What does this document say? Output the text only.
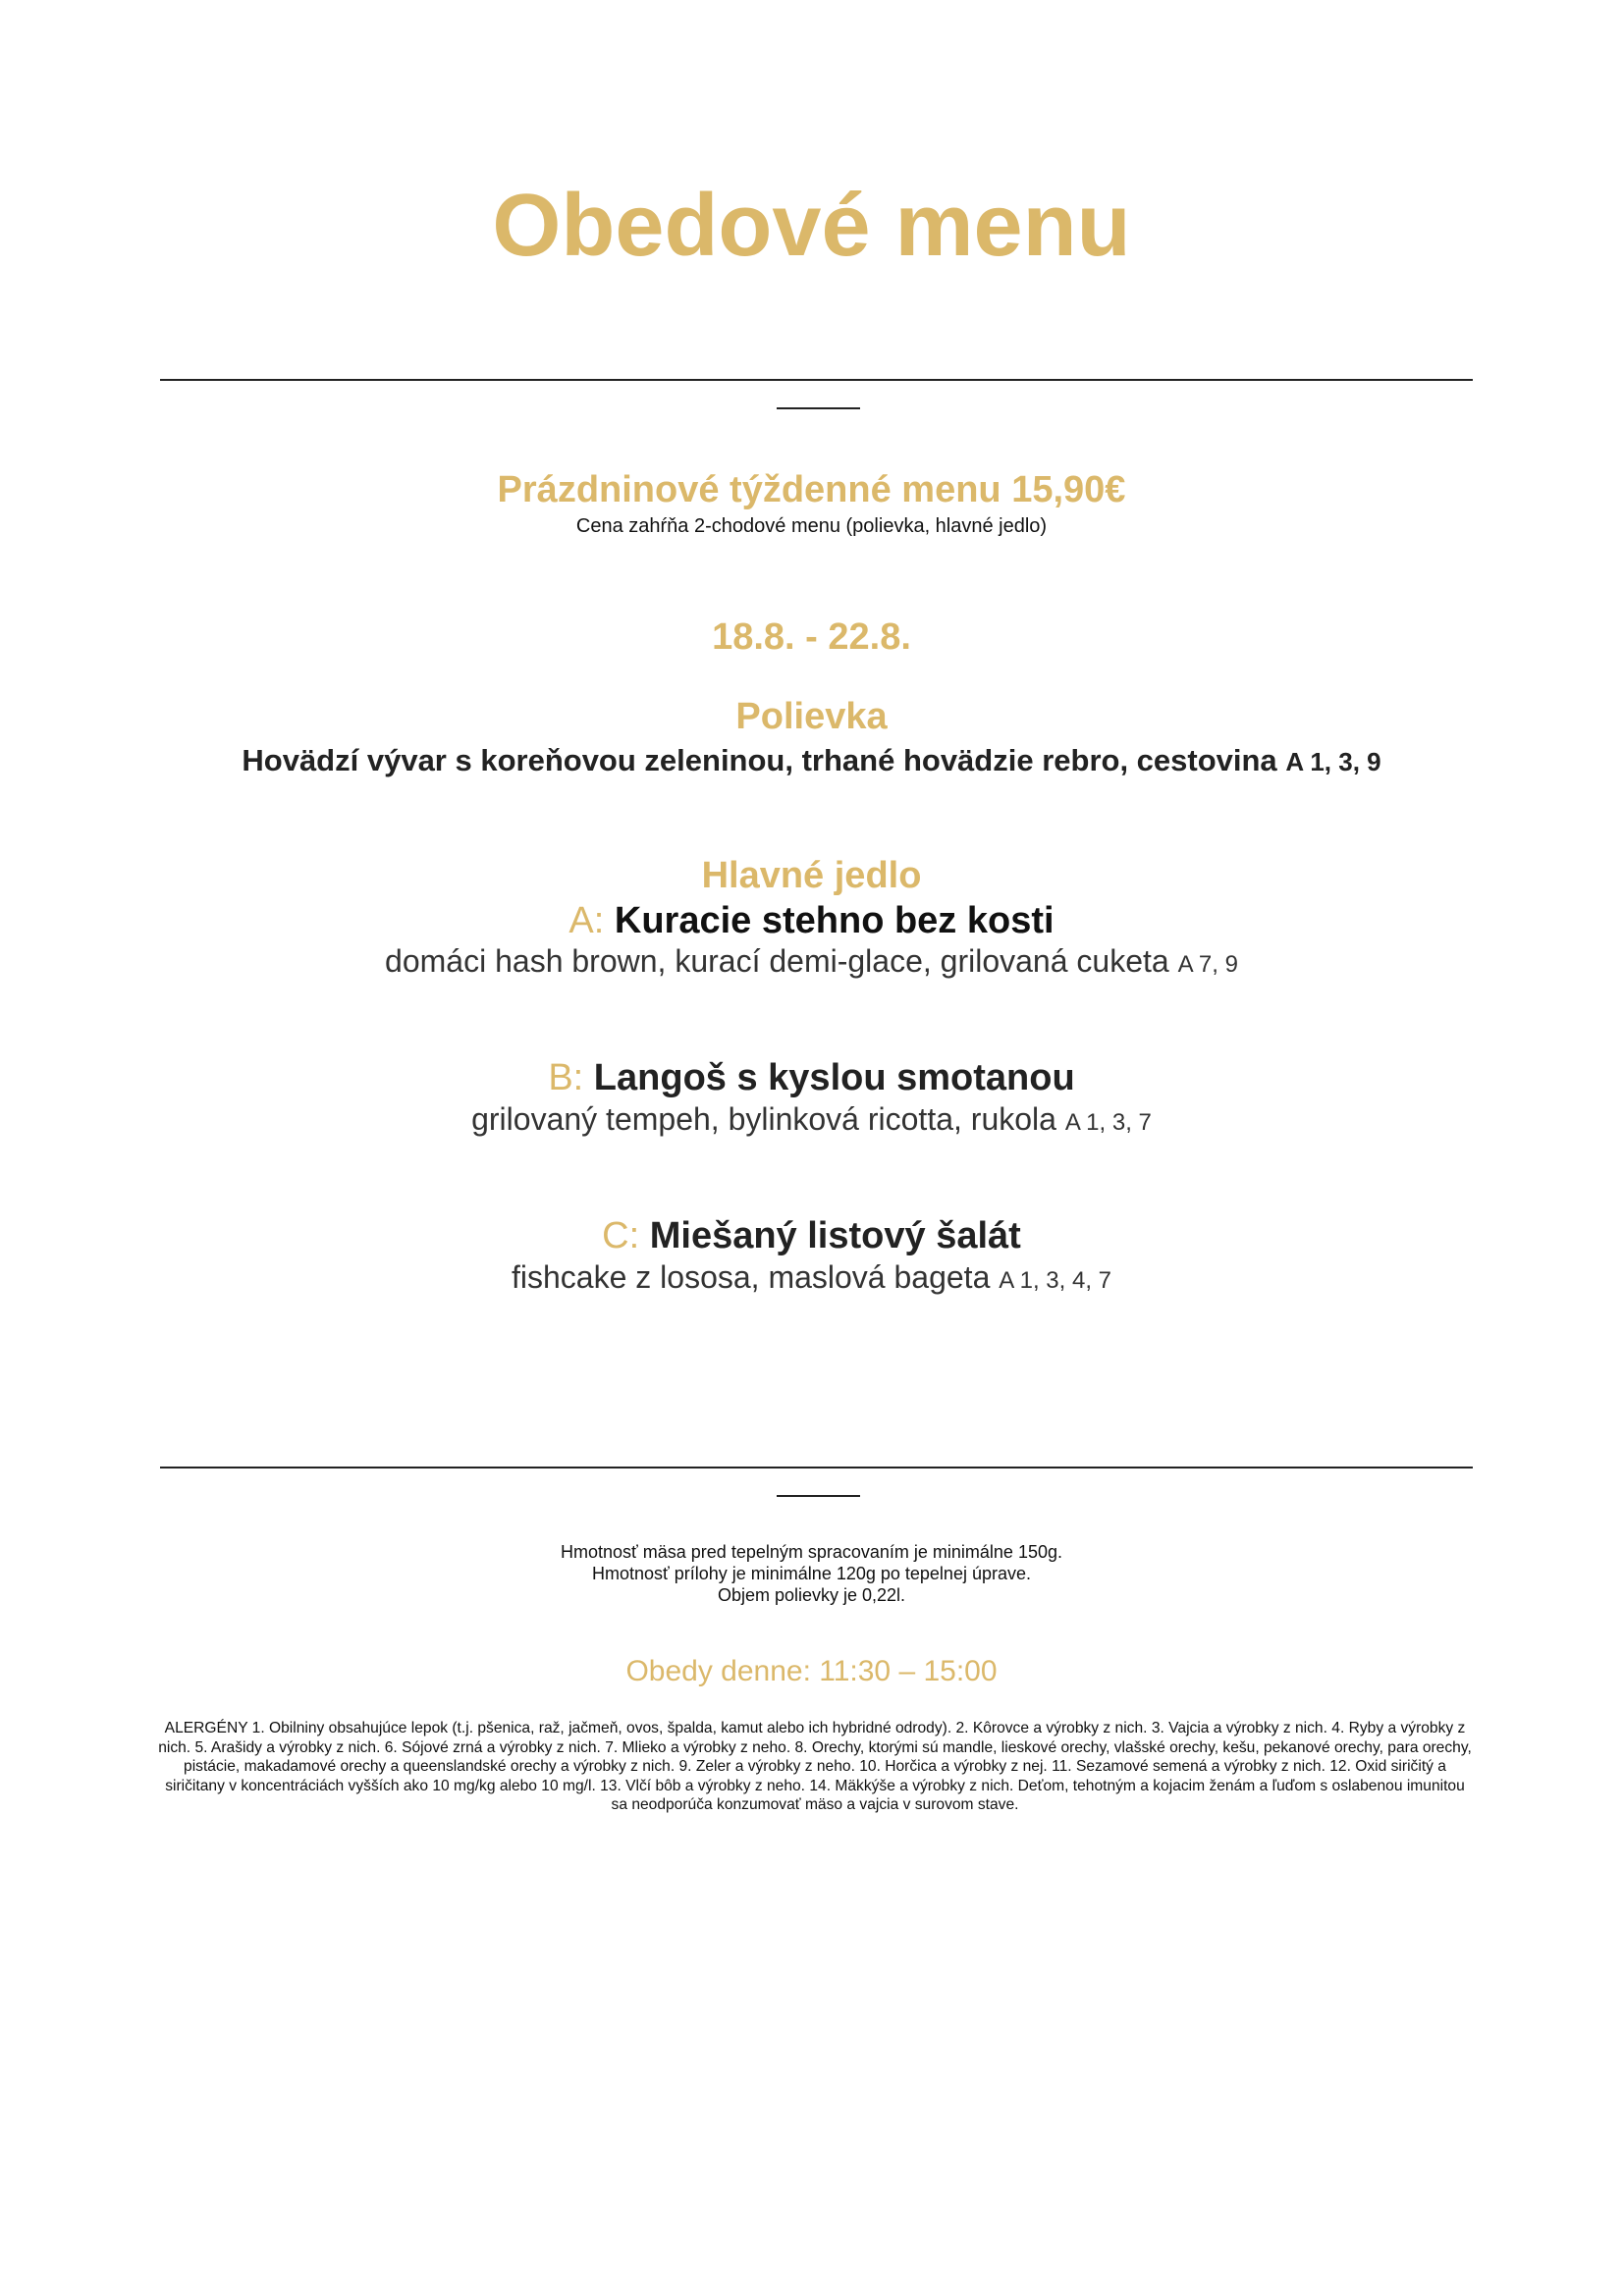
Obedové menu
Prázdninové týždenné menu 15,90€
Cena zahŕňa 2-chodové menu (polievka, hlavné jedlo)
18.8. - 22.8.
Polievka
Hovädzí vývar s koreňovou zeleninou, trhané hovädzie rebro, cestovina A 1, 3, 9
Hlavné jedlo
A: Kuracie stehno bez kosti
domáci hash brown, kurací demi-glace, grilovaná cuketa A 7, 9
B: Langoš s kyslou smotanou
grilovaný tempeh, bylinková ricotta, rukola A 1, 3, 7
C: Miešaný listový šalát
fishcake z lososa, maslová bageta A 1, 3, 4, 7
Hmotnosť mäsa pred tepelným spracovaním je minimálne 150g.
Hmotnosť prílohy je minimálne 120g po tepelnej úprave.
Objem polievky je 0,22l.
Obedy denne: 11:30 – 15:00
ALERGÉNY 1. Obilniny obsahujúce lepok (t.j. pšenica, raž, jačmeň, ovos, špalda, kamut alebo ich hybridné odrody). 2. Kôrovce a výrobky z nich. 3. Vajcia a výrobky z nich. 4. Ryby a výrobky z nich. 5. Arašidy a výrobky z nich. 6. Sójové zrná a výrobky z nich. 7. Mlieko a výrobky z neho. 8. Orechy, ktorými sú mandle, lieskové orechy, vlašské orechy, kešu, pekanové orechy, para orechy, pistácie, makadamové orechy a queenslandské orechy a výrobky z nich. 9. Zeler a výrobky z neho. 10. Horčica a výrobky z nej. 11. Sezamové semená a výrobky z nich. 12. Oxid siričitý a siričitany v koncentráciách vyšších ako 10 mg/kg alebo 10 mg/l. 13. Vlčí bôb a výrobky z neho. 14. Mäkkýše a výrobky z nich. Deťom, tehotným a kojacim ženám a ľuďom s oslabenou imunitou sa neodporúča konzumovať mäso a vajcia v surovom stave.
